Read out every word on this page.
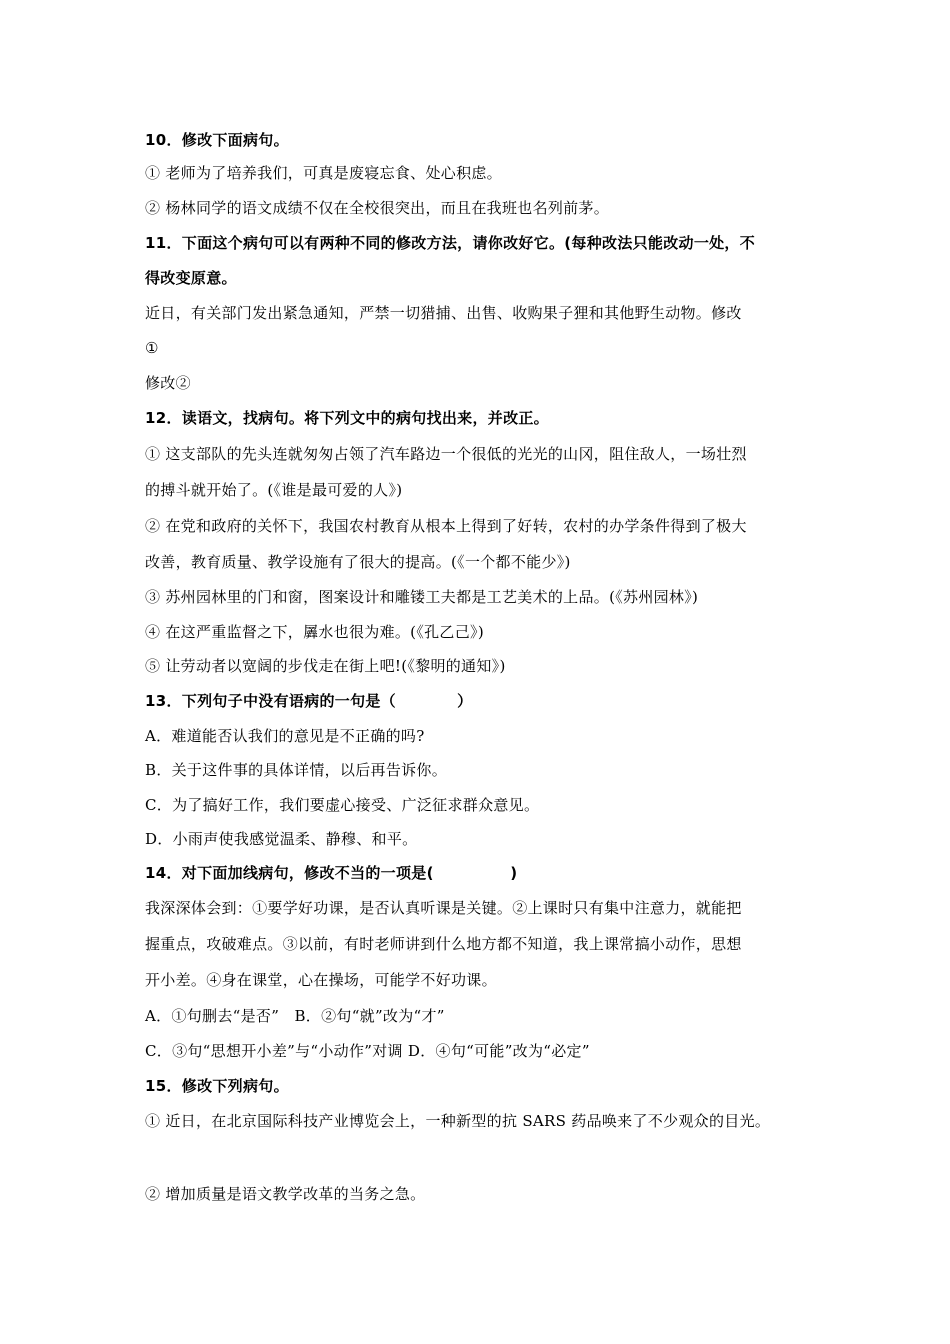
10．修改下面病句。
① 老师为了培养我们，可真是废寝忘食、处心积虑。
② 杨林同学的语文成绩不仅在全校很突出，而且在我班也名列前茅。
11．下面这个病句可以有两种不同的修改方法，请你改好它。(每种改法只能改动一处，不
得改变原意。
近日，有关部门发出紧急通知，严禁一切猎捕、出售、收购果子狸和其他野生动物。修改
①
修改②
12．读语文，找病句。将下列文中的病句找出来，并改正。
① 这支部队的先头连就匆匆占领了汽车路边一个很低的光光的山冈，阻住敌人，一场壮烈
的搏斗就开始了。(《谁是最可爱的人》)
② 在党和政府的关怀下，我国农村教育从根本上得到了好转，农村的办学条件得到了极大
改善，教育质量、教学设施有了很大的提高。(《一个都不能少》)
③ 苏州园林里的门和窗，图案设计和雕镂工夫都是工艺美术的上品。(《苏州园林》)
④ 在这严重监督之下，羼水也很为难。(《孔乙己》)
⑤ 让劳动者以宽阔的步伐走在街上吧!(《黎明的通知》)
13．下列句子中没有语病的一句是（　　　　）
A．难道能否认我们的意见是不正确的吗?
B．关于这件事的具体详情，以后再告诉你。
C．为了搞好工作，我们要虚心接受、广泛征求群众意见。
D．小雨声使我感觉温柔、静穆、和平。
14．对下面加线病句，修改不当的一项是(　　　　　)
我深深体会到：①要学好功课，是否认真听课是关键。②上课时只有集中注意力，就能把
握重点，攻破难点。③以前，有时老师讲到什么地方都不知道，我上课常搞小动作，思想
开小差。④身在课堂，心在操场，可能学不好功课。
A．①句删去“是否”　B．②句“就”改为“才”
C．③句“思想开小差”与“小动作”对调 D．④句“可能”改为“必定”
15．修改下列病句。
① 近日，在北京国际科技产业博览会上，一种新型的抗 SARS 药品唤来了不少观众的目光。
② 增加质量是语文教学改革的当务之急。
